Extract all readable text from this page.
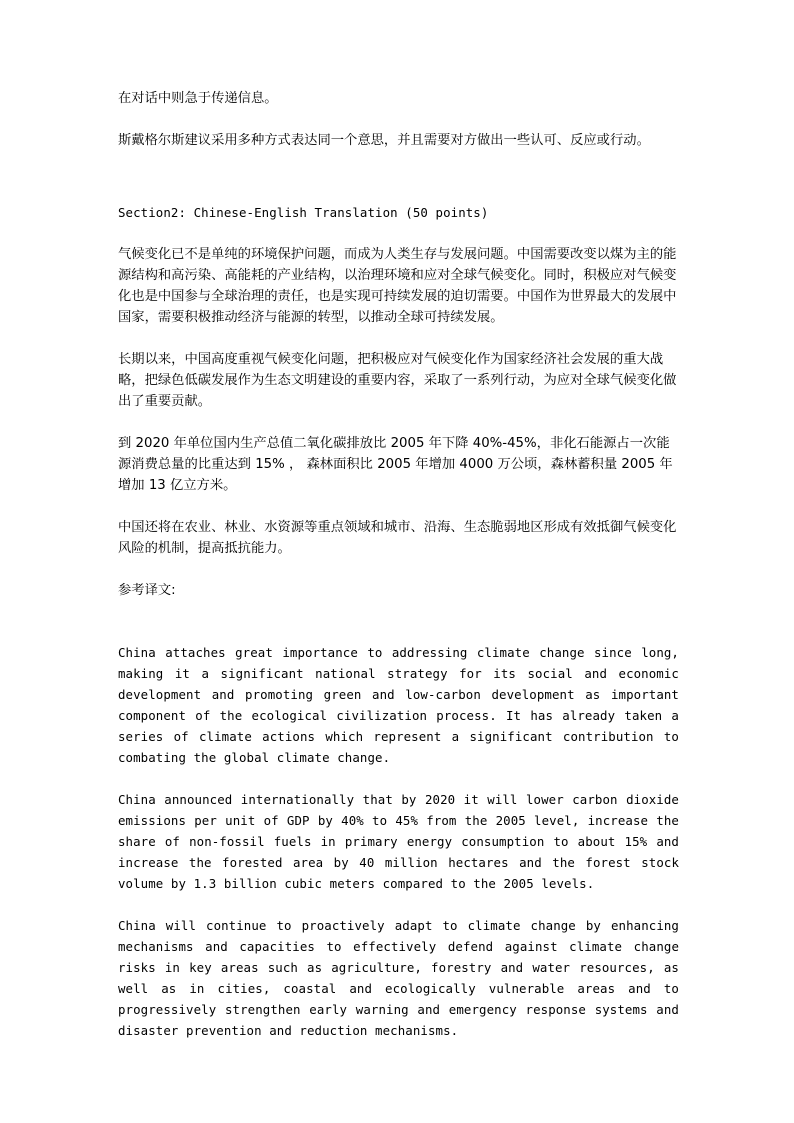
在对话中则急于传递信息。

斯戴格尔斯建议采用多种方式表达同一个意思，并且需要对方做出一些认可、反应或行动。

Section2: Chinese-English Translation (50 points)

气候变化已不是单纯的环境保护问题，而成为人类生存与发展问题。中国需要改变以煤为主的能源结构和高污染、高能耗的产业结构，以治理环境和应对全球气候变化。同时，积极应对气候变化也是中国参与全球治理的责任，也是实现可持续发展的迫切需要。中国作为世界最大的发展中国家，需要积极推动经济与能源的转型，以推动全球可持续发展。

长期以来，中国高度重视气候变化问题，把积极应对气候变化作为国家经济社会发展的重大战略，把绿色低碳发展作为生态文明建设的重要内容，采取了一系列行动，为应对全球气候变化做出了重要贡献。

到 2020 年单位国内生产总值二氧化碳排放比 2005 年下降 40%-45%，非化石能源占一次能源消费总量的比重达到 15% ， 森林面积比 2005 年增加 4000 万公顷，森林蓄积量 2005 年增加 13 亿立方米。

中国还将在农业、林业、水资源等重点领域和城市、沿海、生态脆弱地区形成有效抵御气候变化风险的机制，提高抵抗能力。

参考译文:

China attaches great importance to addressing climate change since long, making it a significant national strategy for its social and economic development and promoting green and low-carbon development as important component of the ecological civilization process. It has already taken a series of climate actions which represent a significant contribution to combating the global climate change.

China announced internationally that by 2020 it will lower carbon dioxide emissions per unit of GDP by 40% to 45% from the 2005 level, increase the share of non-fossil fuels in primary energy consumption to about 15% and increase the forested area by 40 million hectares and the forest stock volume by 1.3 billion cubic meters compared to the 2005 levels.

China will continue to proactively adapt to climate change by enhancing mechanisms and capacities to effectively defend against climate change risks in key areas such as agriculture, forestry and water resources, as well as in cities, coastal and ecologically vulnerable areas and to progressively strengthen early warning and emergency response systems and disaster prevention and reduction mechanisms.
